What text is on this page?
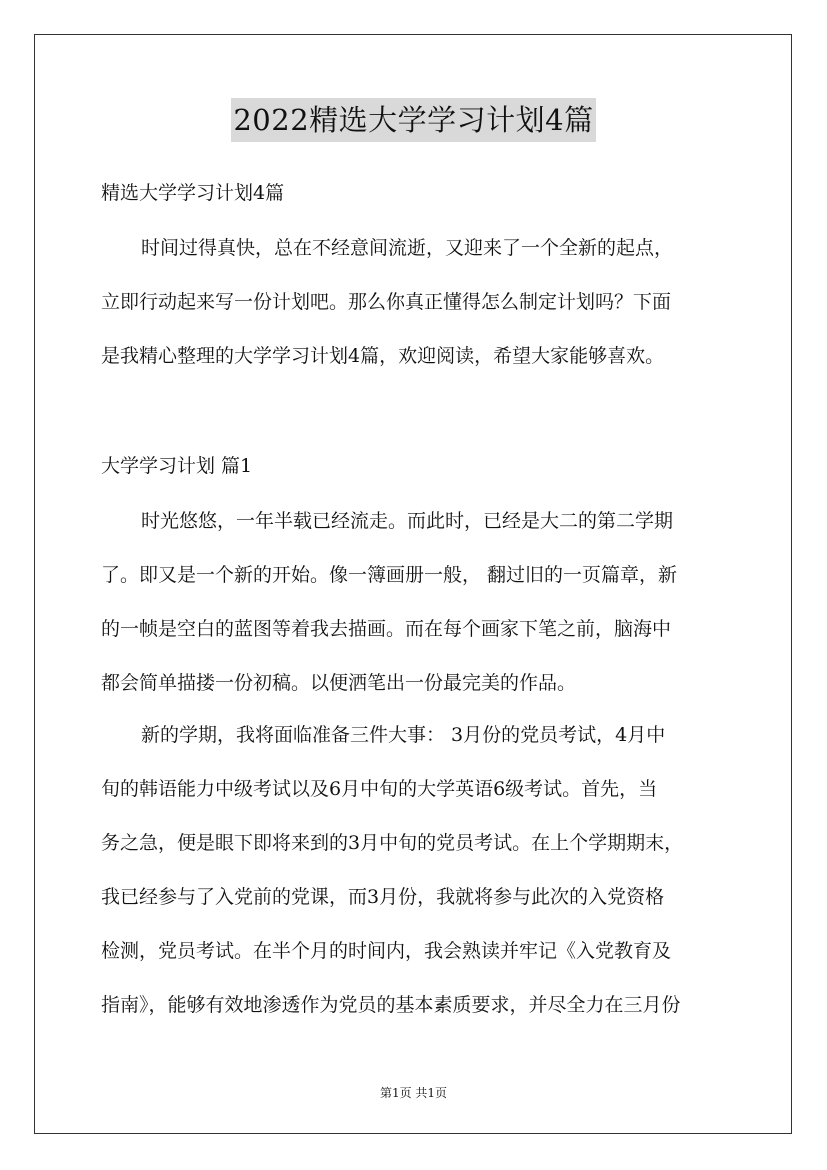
2022精选大学学习计划4篇
精选大学学习计划4篇
时间过得真快，总在不经意间流逝，又迎来了一个全新的起点，
立即行动起来写一份计划吧。那么你真正懂得怎么制定计划吗？下面
是我精心整理的大学学习计划4篇，欢迎阅读，希望大家能够喜欢。
大学学习计划 篇1
时光悠悠，一年半载已经流走。而此时，已经是大二的第二学期
了。即又是一个新的开始。像一簿画册一般， 翻过旧的一页篇章，新
的一帧是空白的蓝图等着我去描画。而在每个画家下笔之前，脑海中
都会简单描搂一份初稿。以便洒笔出一份最完美的作品。
新的学期，我将面临准备三件大事： 3月份的党员考试，4月中
旬的韩语能力中级考试以及6月中旬的大学英语6级考试。首先，当
务之急，便是眼下即将来到的3月中旬的党员考试。在上个学期期末，
我已经参与了入党前的党课，而3月份，我就将参与此次的入党资格
检测，党员考试。在半个月的时间内，我会熟读并牢记《入党教育及
指南》，能够有效地渗透作为党员的基本素质要求，并尽全力在三月份
第1页 共1页
